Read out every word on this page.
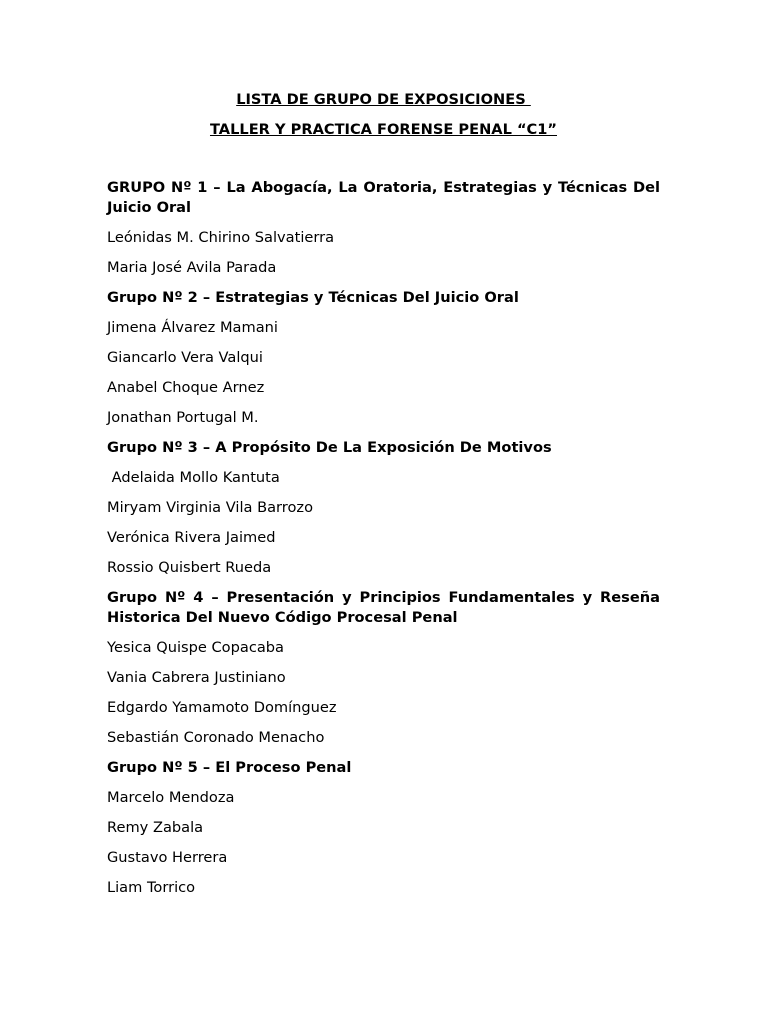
LISTA DE GRUPO DE EXPOSICIONES
TALLER Y PRACTICA FORENSE PENAL “C1”
GRUPO Nº 1 – La Abogacía, La Oratoria, Estrategias y Técnicas Del Juicio Oral
Leónidas M. Chirino Salvatierra
Maria José Avila Parada
Grupo Nº 2 – Estrategias y Técnicas Del Juicio Oral
Jimena Álvarez Mamani
Giancarlo Vera Valqui
Anabel Choque Arnez
Jonathan Portugal M.
Grupo Nº 3 – A Propósito De La Exposición De Motivos
Adelaida Mollo Kantuta
Miryam Virginia Vila Barrozo
Verónica Rivera Jaimed
Rossio Quisbert Rueda
Grupo Nº 4 – Presentación y Principios Fundamentales y Reseña Historica Del Nuevo Código Procesal Penal
Yesica Quispe Copacaba
Vania Cabrera Justiniano
Edgardo Yamamoto Domínguez
Sebastián Coronado Menacho
Grupo Nº 5 – El Proceso Penal
Marcelo Mendoza
Remy Zabala
Gustavo Herrera
Liam Torrico
